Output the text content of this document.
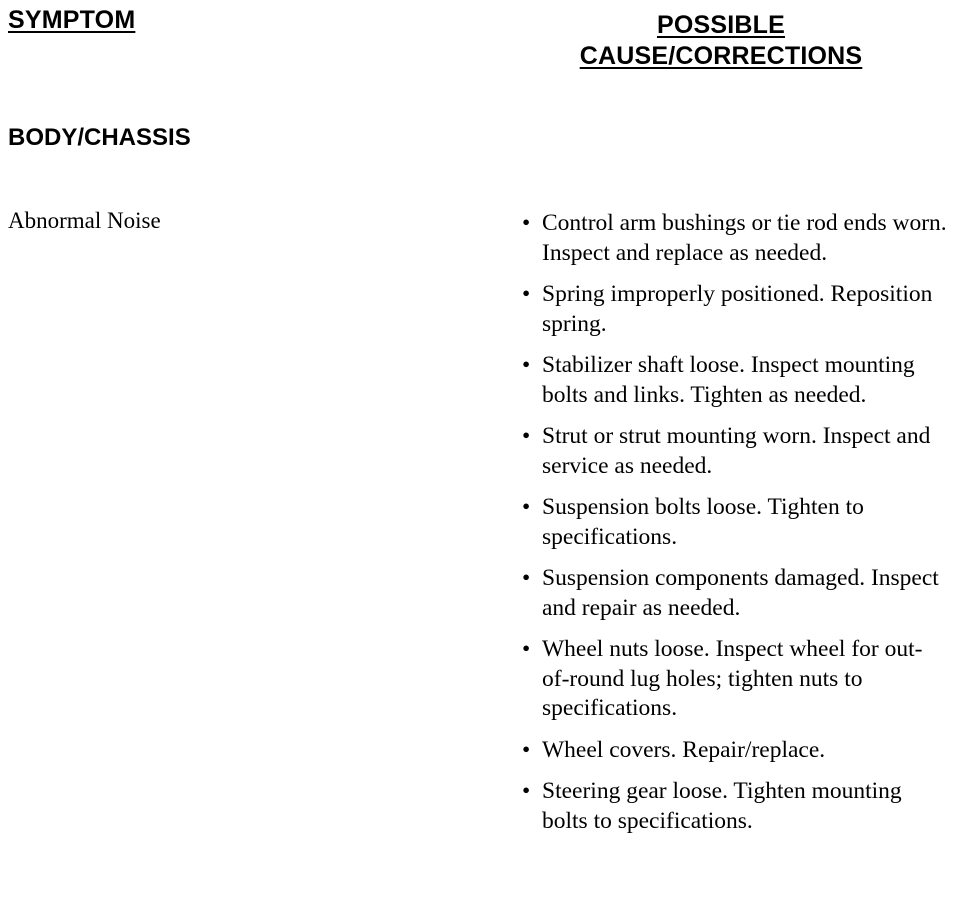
SYMPTOM	POSSIBLE
CAUSE/CORRECTIONS
BODY/CHASSIS
Abnormal Noise	• Control arm bushings or tie rod ends worn. Inspect and replace as needed.
• Spring improperly positioned. Reposition spring.
• Stabilizer shaft loose. Inspect mounting bolts and links. Tighten as needed.
• Strut or strut mounting worn. Inspect and service as needed.
• Suspension bolts loose. Tighten to specifications.
• Suspension components damaged. Inspect and repair as needed.
• Wheel nuts loose. Inspect wheel for out-of-round lug holes; tighten nuts to specifications.
• Wheel covers. Repair/replace.
• Steering gear loose. Tighten mounting bolts to specifications.
